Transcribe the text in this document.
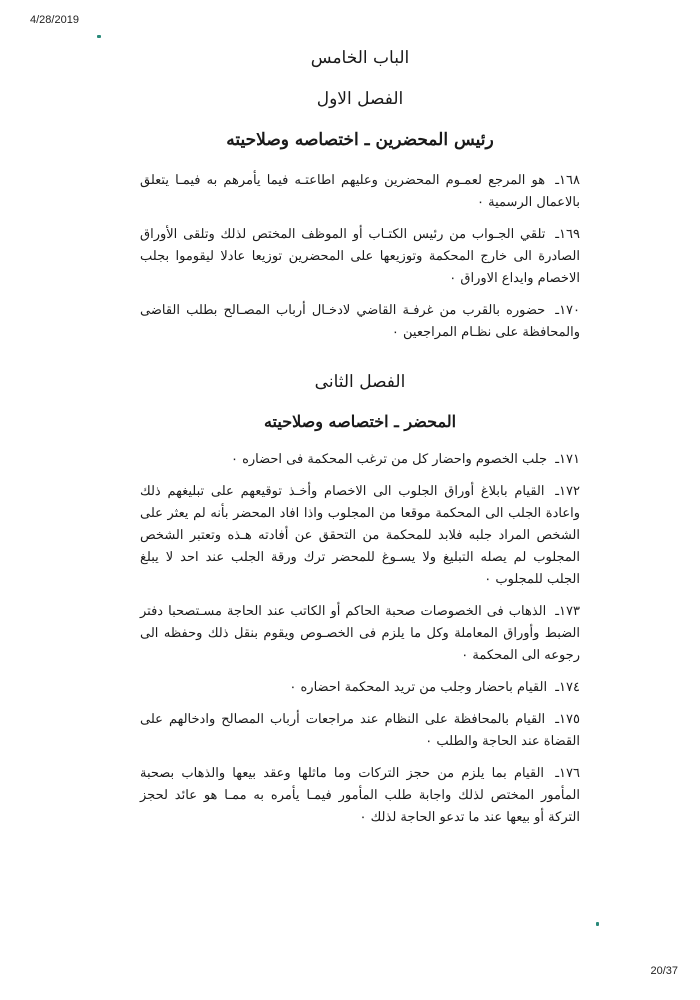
4/28/2019
الباب الخامس
الفصل الاول
رئيس المحضرين ـ اختصاصه وصلاحيته

١٦٨ـ هو المرجع لعمـوم المحضرين وعليهم اطاعتـه فيما يأمرهم به فيمـا يتعلق بالاعمال الرسمية ٠

١٦٩ـ تلقي الجـواب من رئيس الكتـاب أو الموظف المختص لذلك وتلقى الأوراق الصادرة الى خارج المحكمة وتوزيعها على المحضرين توزيعا عادلا ليقوموا بجلب الاخصام وايداع الاوراق ٠

١٧٠ـ حضوره بالقرب من غرفـة القاضي لادخـال أرباب المصـالح بطلب القاضى والمحافظة على نظـام المراجعين ٠

الفصل الثانى
المحضر ـ اختصاصه وصلاحيته

١٧١ـ جلب الخصوم واحضار كل من ترغب المحكمة فى احضاره ٠

١٧٢ـ القيام بابلاغ أوراق الجلوب الى الاخصام وأخـذ توقيعهم على تبليغهم ذلك واعادة الجلب الى المحكمة موقعا من المجلوب واذا افاد المحضر بأنه لم يعثر على الشخص المراد جلبه فلابد للمحكمة من التحقق عن أفادته هـذه وتعتبر الشخص المجلوب لم يصله التبليغ ولا يسـوغ للمحضر ترك ورقة الجلب عند احد لا يبلغ الجلب للمجلوب ٠

١٧٣ـ الذهاب فى الخصوصات صحبة الحاكم أو الكاتب عند الحاجة مسـتصحبا دفتر الضبط وأوراق المعاملة وكل ما يلزم فى الخصـوص ويقوم بنقل ذلك وحفظه الى رجوعه الى المحكمة ٠

١٧٤ـ القيام باحضار وجلب من تريد المحكمة احضاره ٠

١٧٥ـ القيام بالمحافظة على النظام عند مراجعات أرباب المصالح وادخالهم على القضاة عند الحاجة والطلب ٠

١٧٦ـ القيام بما يلزم من حجز التركات وما ماثلها وعقد بيعها والذهاب بصحبة المأمور المختص لذلك واجابة طلب المأمور فيمـا يأمره به ممـا هو عائد لحجز التركة أو بيعها عند ما تدعو الحاجة لذلك ٠

20/37
